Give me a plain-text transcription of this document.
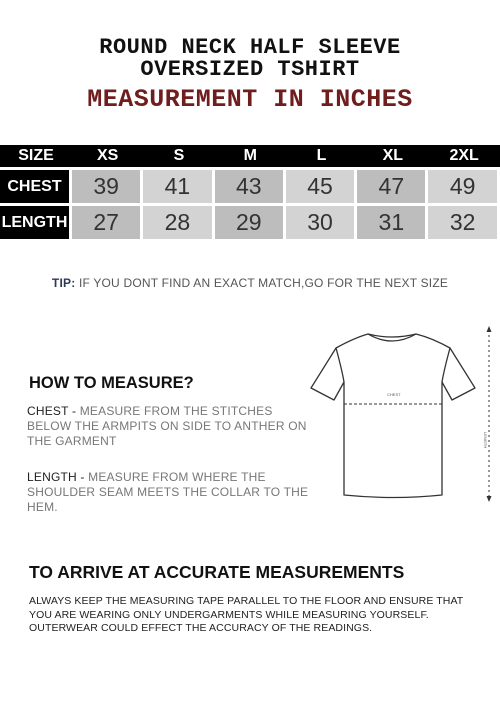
ROUND NECK HALF SLEEVE
OVERSIZED TSHIRT
MEASUREMENT IN INCHES
SIZE	XS	S	M	L	XL	2XL
CHEST	39	41	43	45	47	49
LENGTH	27	28	29	30	31	32
TIP: IF YOU DONT FIND AN EXACT MATCH,GO FOR THE NEXT SIZE
HOW TO MEASURE?
CHEST - MEASURE FROM THE STITCHES BELOW THE ARMPITS ON SIDE TO ANTHER ON THE GARMENT
LENGTH - MEASURE FROM WHERE THE SHOULDER SEAM MEETS THE COLLAR TO THE HEM.
CHEST
LENGTH
TO ARRIVE AT ACCURATE MEASUREMENTS
ALWAYS KEEP THE MEASURING TAPE PARALLEL TO THE FLOOR AND ENSURE THAT YOU ARE WEARING ONLY UNDERGARMENTS WHILE MEASURING YOURSELF. OUTERWEAR COULD EFFECT THE ACCURACY OF THE READINGS.
